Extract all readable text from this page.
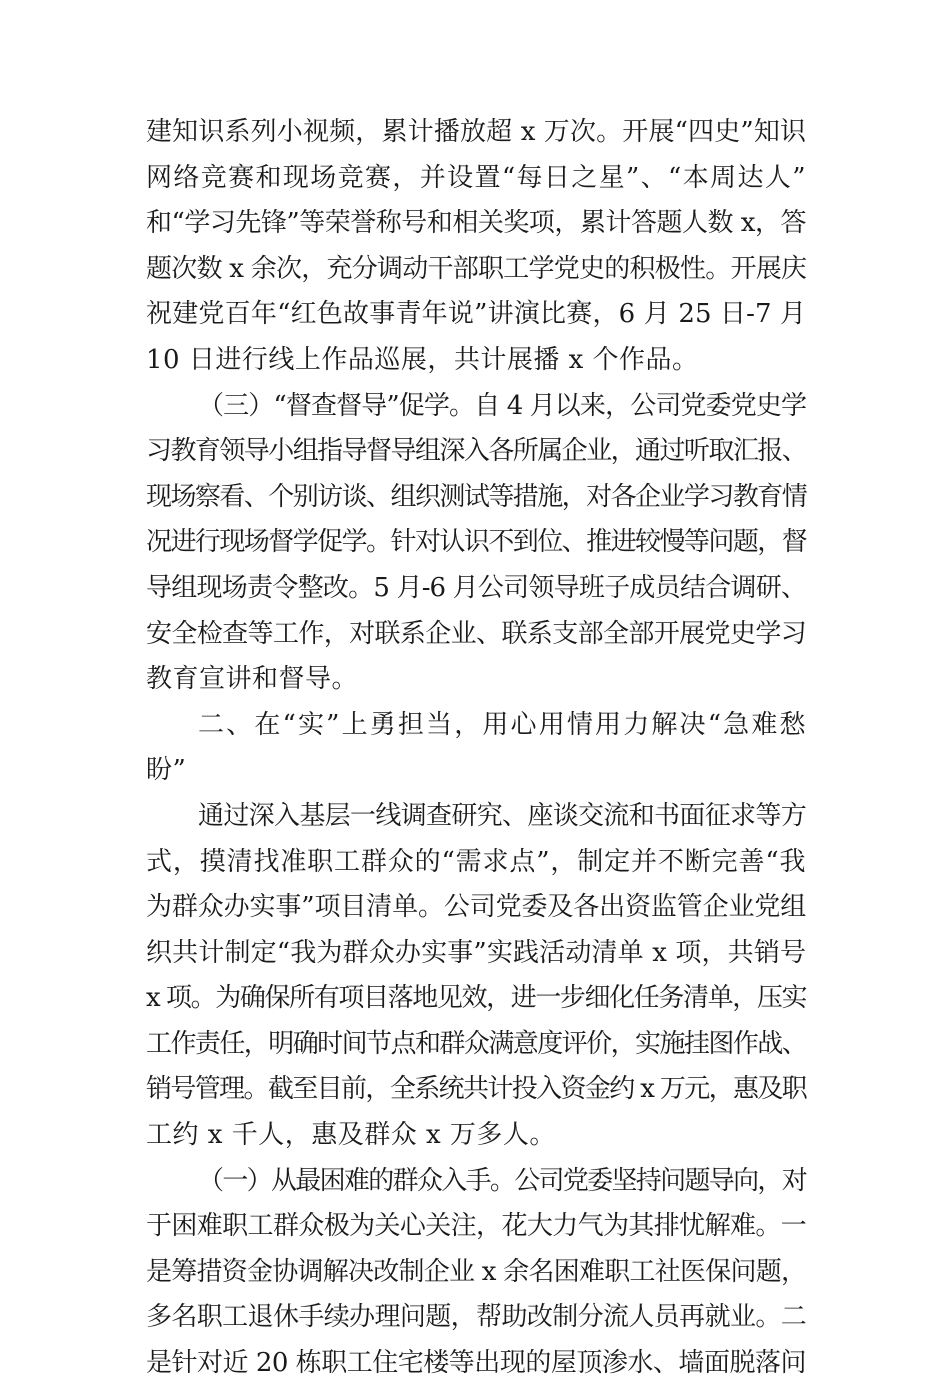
建知识系列小视频，累计播放超 x 万次。开展“四史”知识
网络竞赛和现场竞赛，并设置“每日之星”、“本周达人”
和“学习先锋”等荣誉称号和相关奖项，累计答题人数 x，答
题次数 x 余次，充分调动干部职工学党史的积极性。开展庆
祝建党百年“红色故事青年说”讲演比赛，6 月 25 日-7 月
10 日进行线上作品巡展，共计展播 x 个作品。
（三）“督查督导”促学。自 4 月以来，公司党委党史学
习教育领导小组指导督导组深入各所属企业，通过听取汇报、
现场察看、个别访谈、组织测试等措施，对各企业学习教育情
况进行现场督学促学。针对认识不到位、推进较慢等问题，督
导组现场责令整改。5 月-6 月公司领导班子成员结合调研、
安全检查等工作，对联系企业、联系支部全部开展党史学习
教育宣讲和督导。
二、在“实”上勇担当，用心用情用力解决“急难愁
盼”
通过深入基层一线调查研究、座谈交流和书面征求等方
式，摸清找准职工群众的“需求点”，制定并不断完善“我
为群众办实事”项目清单。公司党委及各出资监管企业党组
织共计制定“我为群众办实事”实践活动清单 x 项，共销号
x 项。为确保所有项目落地见效，进一步细化任务清单，压实
工作责任，明确时间节点和群众满意度评价，实施挂图作战、
销号管理。截至目前，全系统共计投入资金约 x 万元，惠及职
工约 x 千人，惠及群众 x 万多人。
（一）从最困难的群众入手。公司党委坚持问题导向，对
于困难职工群众极为关心关注，花大力气为其排忧解难。一
是筹措资金协调解决改制企业 x 余名困难职工社医保问题，
多名职工退休手续办理问题，帮助改制分流人员再就业。二
是针对近 20 栋职工住宅楼等出现的屋顶渗水、墙面脱落问
